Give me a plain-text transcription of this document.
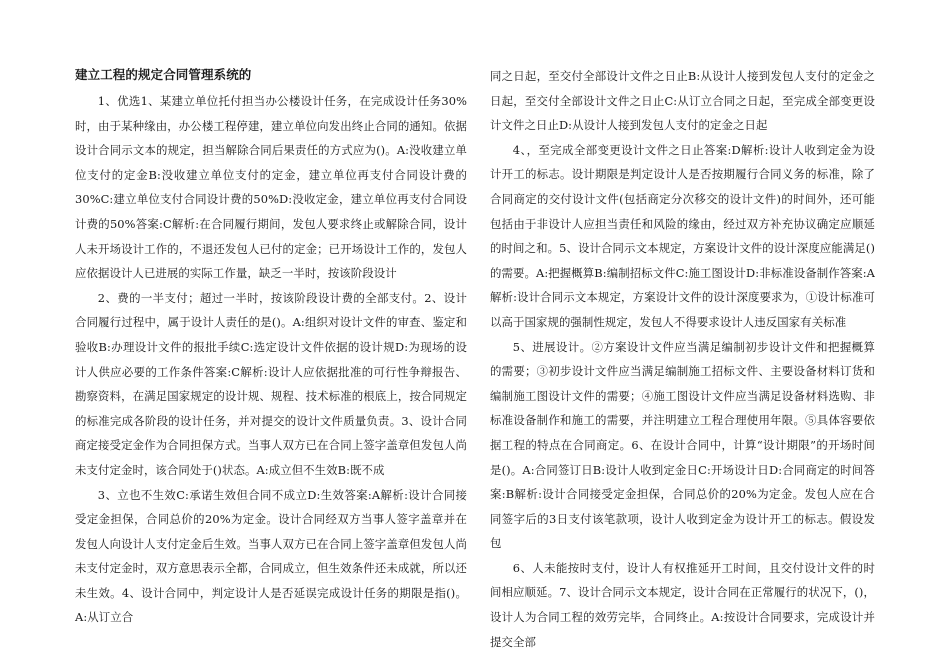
建立工程的规定合同管理系统的

1、优选1、某建立单位托付担当办公楼设计任务，在完成设计任务30%时，由于某种缘由，办公楼工程停建，建立单位向发出终止合同的通知。依据设计合同示文本的规定，担当解除合同后果责任的方式应为()。A:没收建立单位支付的定金B:没收建立单位支付的定金，建立单位再支付合同设计费的30%C:建立单位支付合同设计费的50%D:没收定金，建立单位再支付合同设计费的50%答案:C解析:在合同履行期间，发包人要求终止或解除合同，设计人未开场设计工作的，不退还发包人已付的定金；已开场设计工作的，发包人应依据设计人已进展的实际工作量，缺乏一半时，按该阶段设计

2、费的一半支付；超过一半时，按该阶段设计费的全部支付。2、设计合同履行过程中，属于设计人责任的是()。A:组织对设计文件的审查、鉴定和验收B:办理设计文件的报批手续C:选定设计文件依据的设计规D:为现场的设计人供应必要的工作条件答案:C解析:设计人应依据批准的可行性争辩报告、勘察资料，在满足国家规定的设计规、规程、技术标准的根底上，按合同规定的标准完成各阶段的设计任务，并对提交的设计文件质量负责。3、设计合同商定接受定金作为合同担保方式。当事人双方已在合同上签字盖章但发包人尚未支付定金时，该合同处于()状态。A:成立但不生效B:既不成

3、立也不生效C:承诺生效但合同不成立D:生效答案:A解析:设计合同接受定金担保，合同总价的20%为定金。设计合同经双方当事人签字盖章并在发包人向设计人支付定金后生效。当事人双方已在合同上签字盖章但发包人尚未支付定金时，双方意思表示全都，合同成立，但生效条件还未成就，所以还未生效。4、设计合同中，判定设计人是否延误完成设计任务的期限是指()。A:从订立合

同之日起，至交付全部设计文件之日止B:从设计人接到发包人支付的定金之日起，至交付全部设计文件之日止C:从订立合同之日起，至完成全部变更设计文件之日止D:从设计人接到发包人支付的定金之日起

4、，至完成全部变更设计文件之日止答案:D解析:设计人收到定金为设计开工的标志。设计期限是判定设计人是否按期履行合同义务的标准，除了合同商定的交付设计文件(包括商定分次移交的设计文件)的时间外，还可能包括由于非设计人应担当责任和风险的缘由，经过双方补充协议确定应顺延的时间之和。5、设计合同示文本规定，方案设计文件的设计深度应能满足()的需要。A:把握概算B:编制招标文件C:施工图设计D:非标准设备制作答案:A解析:设计合同示文本规定，方案设计文件的设计深度要求为，①设计标准可以高于国家规的强制性规定，发包人不得要求设计人违反国家有关标准

5、进展设计。②方案设计文件应当满足编制初步设计文件和把握概算的需要；③初步设计文件应当满足编制施工招标文件、主要设备材料订货和编制施工图设计文件的需要；④施工图设计文件应当满足设备材料选购、非标准设备制作和施工的需要，并注明建立工程合理使用年限。⑤具体容要依据工程的特点在合同商定。6、在设计合同中，计算“设计期限”的开场时间是()。A:合同签订日B:设计人收到定金日C:开场设计日D:合同商定的时间答案:B解析:设计合同接受定金担保，合同总价的20%为定金。发包人应在合同签字后的3日支付该笔款项，设计人收到定金为设计开工的标志。假设发包

6、人未能按时支付，设计人有权推延开工时间，且交付设计文件的时间相应顺延。7、设计合同示文本规定，设计合同在正常履行的状况下，()，设计人为合同工程的效劳完毕，合同终止。A:按设计合同要求，完成设计并提交全部
